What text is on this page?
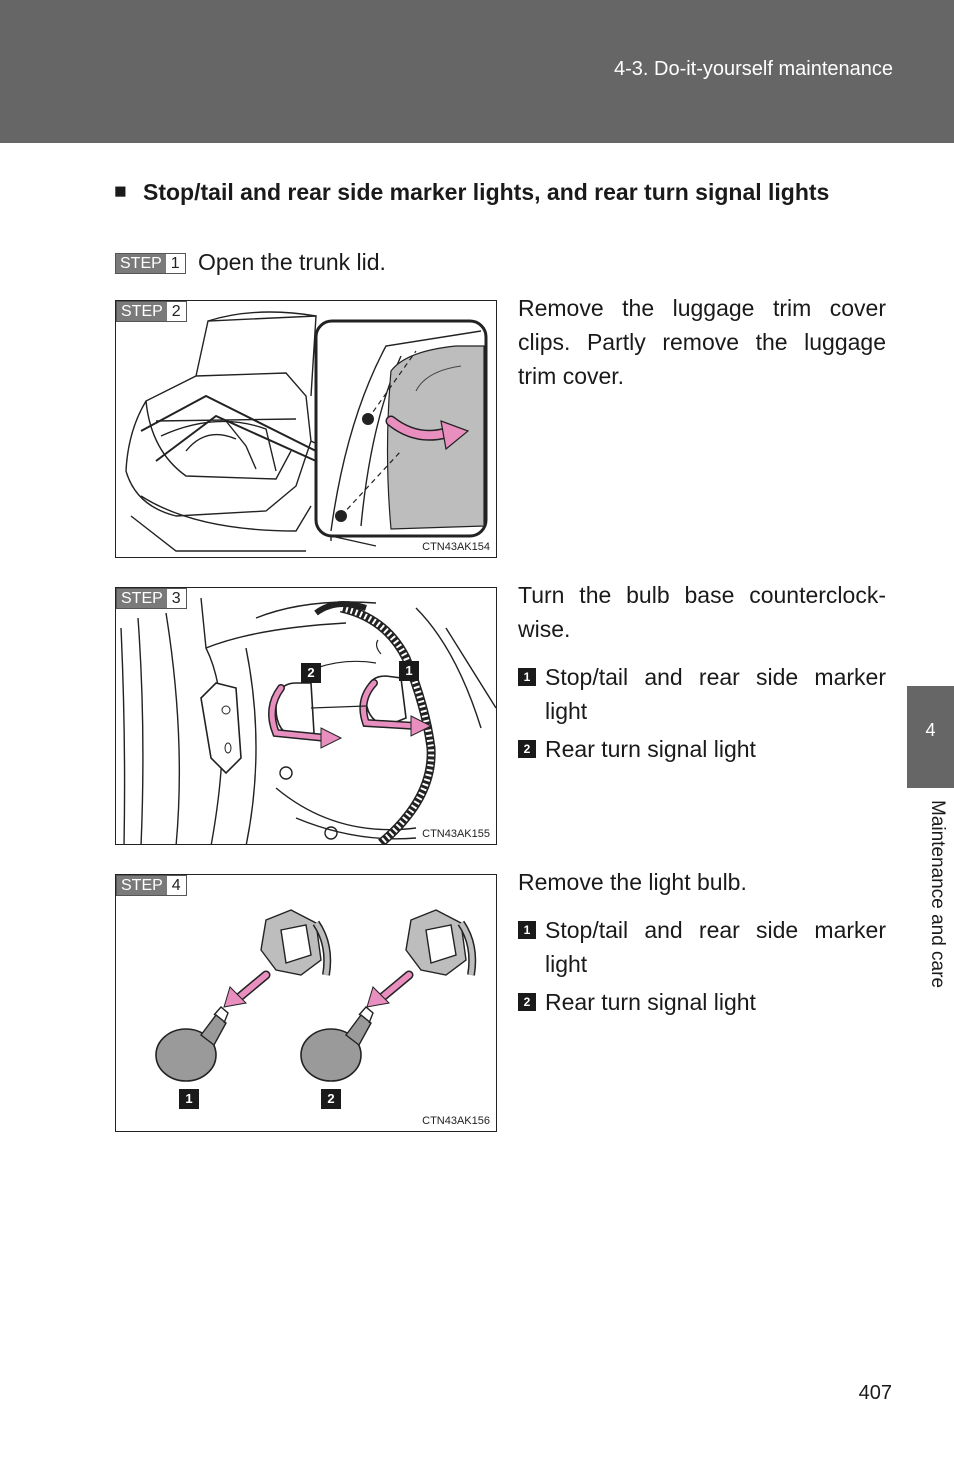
4-3. Do-it-yourself maintenance
4
Maintenance and care
■ Stop/tail and rear side marker lights, and rear turn signal lights
STEP 1 Open the trunk lid.
STEP 2
CTN43AK154

Remove the luggage trim cover clips. Partly remove the luggage trim cover.

2	1
STEP 3
CTN43AK155

Turn the bulb base counterclock-wise.

1 Stop/tail and rear side marker light
2 Rear turn signal light
1	2
STEP 4
CTN43AK156

Remove the light bulb.

1 Stop/tail and rear side marker light
2 Rear turn signal light
407
